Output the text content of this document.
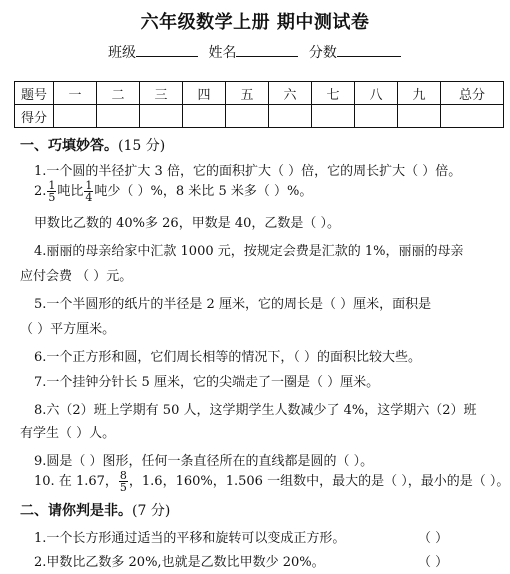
六年级数学上册 期中测试卷
班级	姓名	分数
题号	一	二	三	四	五	六	七	八	九	总分
得分										
一、巧填妙答。(15 分)
1.一个圆的半径扩大 3 倍，它的面积扩大（ ）倍，它的周长扩大（ ）倍。
2. $\frac{1}{5}$ 吨比 $\frac{1}{4}$ 吨少（ ）%，8 米比 5 米多（ ）%。
甲数比乙数的 40%多 26，甲数是 40，乙数是（ ）。
4.丽丽的母亲给家中汇款 1000 元，按规定会费是汇款的 1%，丽丽的母亲
应付会费 （ ）元。
5.一个半圆形的纸片的半径是 2 厘米，它的周长是（ ）厘米，面积是
（ ）平方厘米。
6.一个正方形和圆，它们周长相等的情况下，（ ）的面积比较大些。
7.一个挂钟分针长 5 厘米，它的尖端走了一圈是（ ）厘米。
8.六（2）班上学期有 50 人，这学期学生人数减少了 4%，这学期六（2）班
有学生（ ）人。
9.圆是（ ）图形，任何一条直径所在的直线都是圆的（ ）。
10. 在 1.67， $\frac{8}{5}$ ，1.6，160%，1.506 一组数中，最大的是（ ），最小的是（ ）。
二、请你判是非。(7 分)
1.一个长方形通过适当的平移和旋转可以变成正方形。	（ ）
2.甲数比乙数多 20%,也就是乙数比甲数少 20%。	（ ）
